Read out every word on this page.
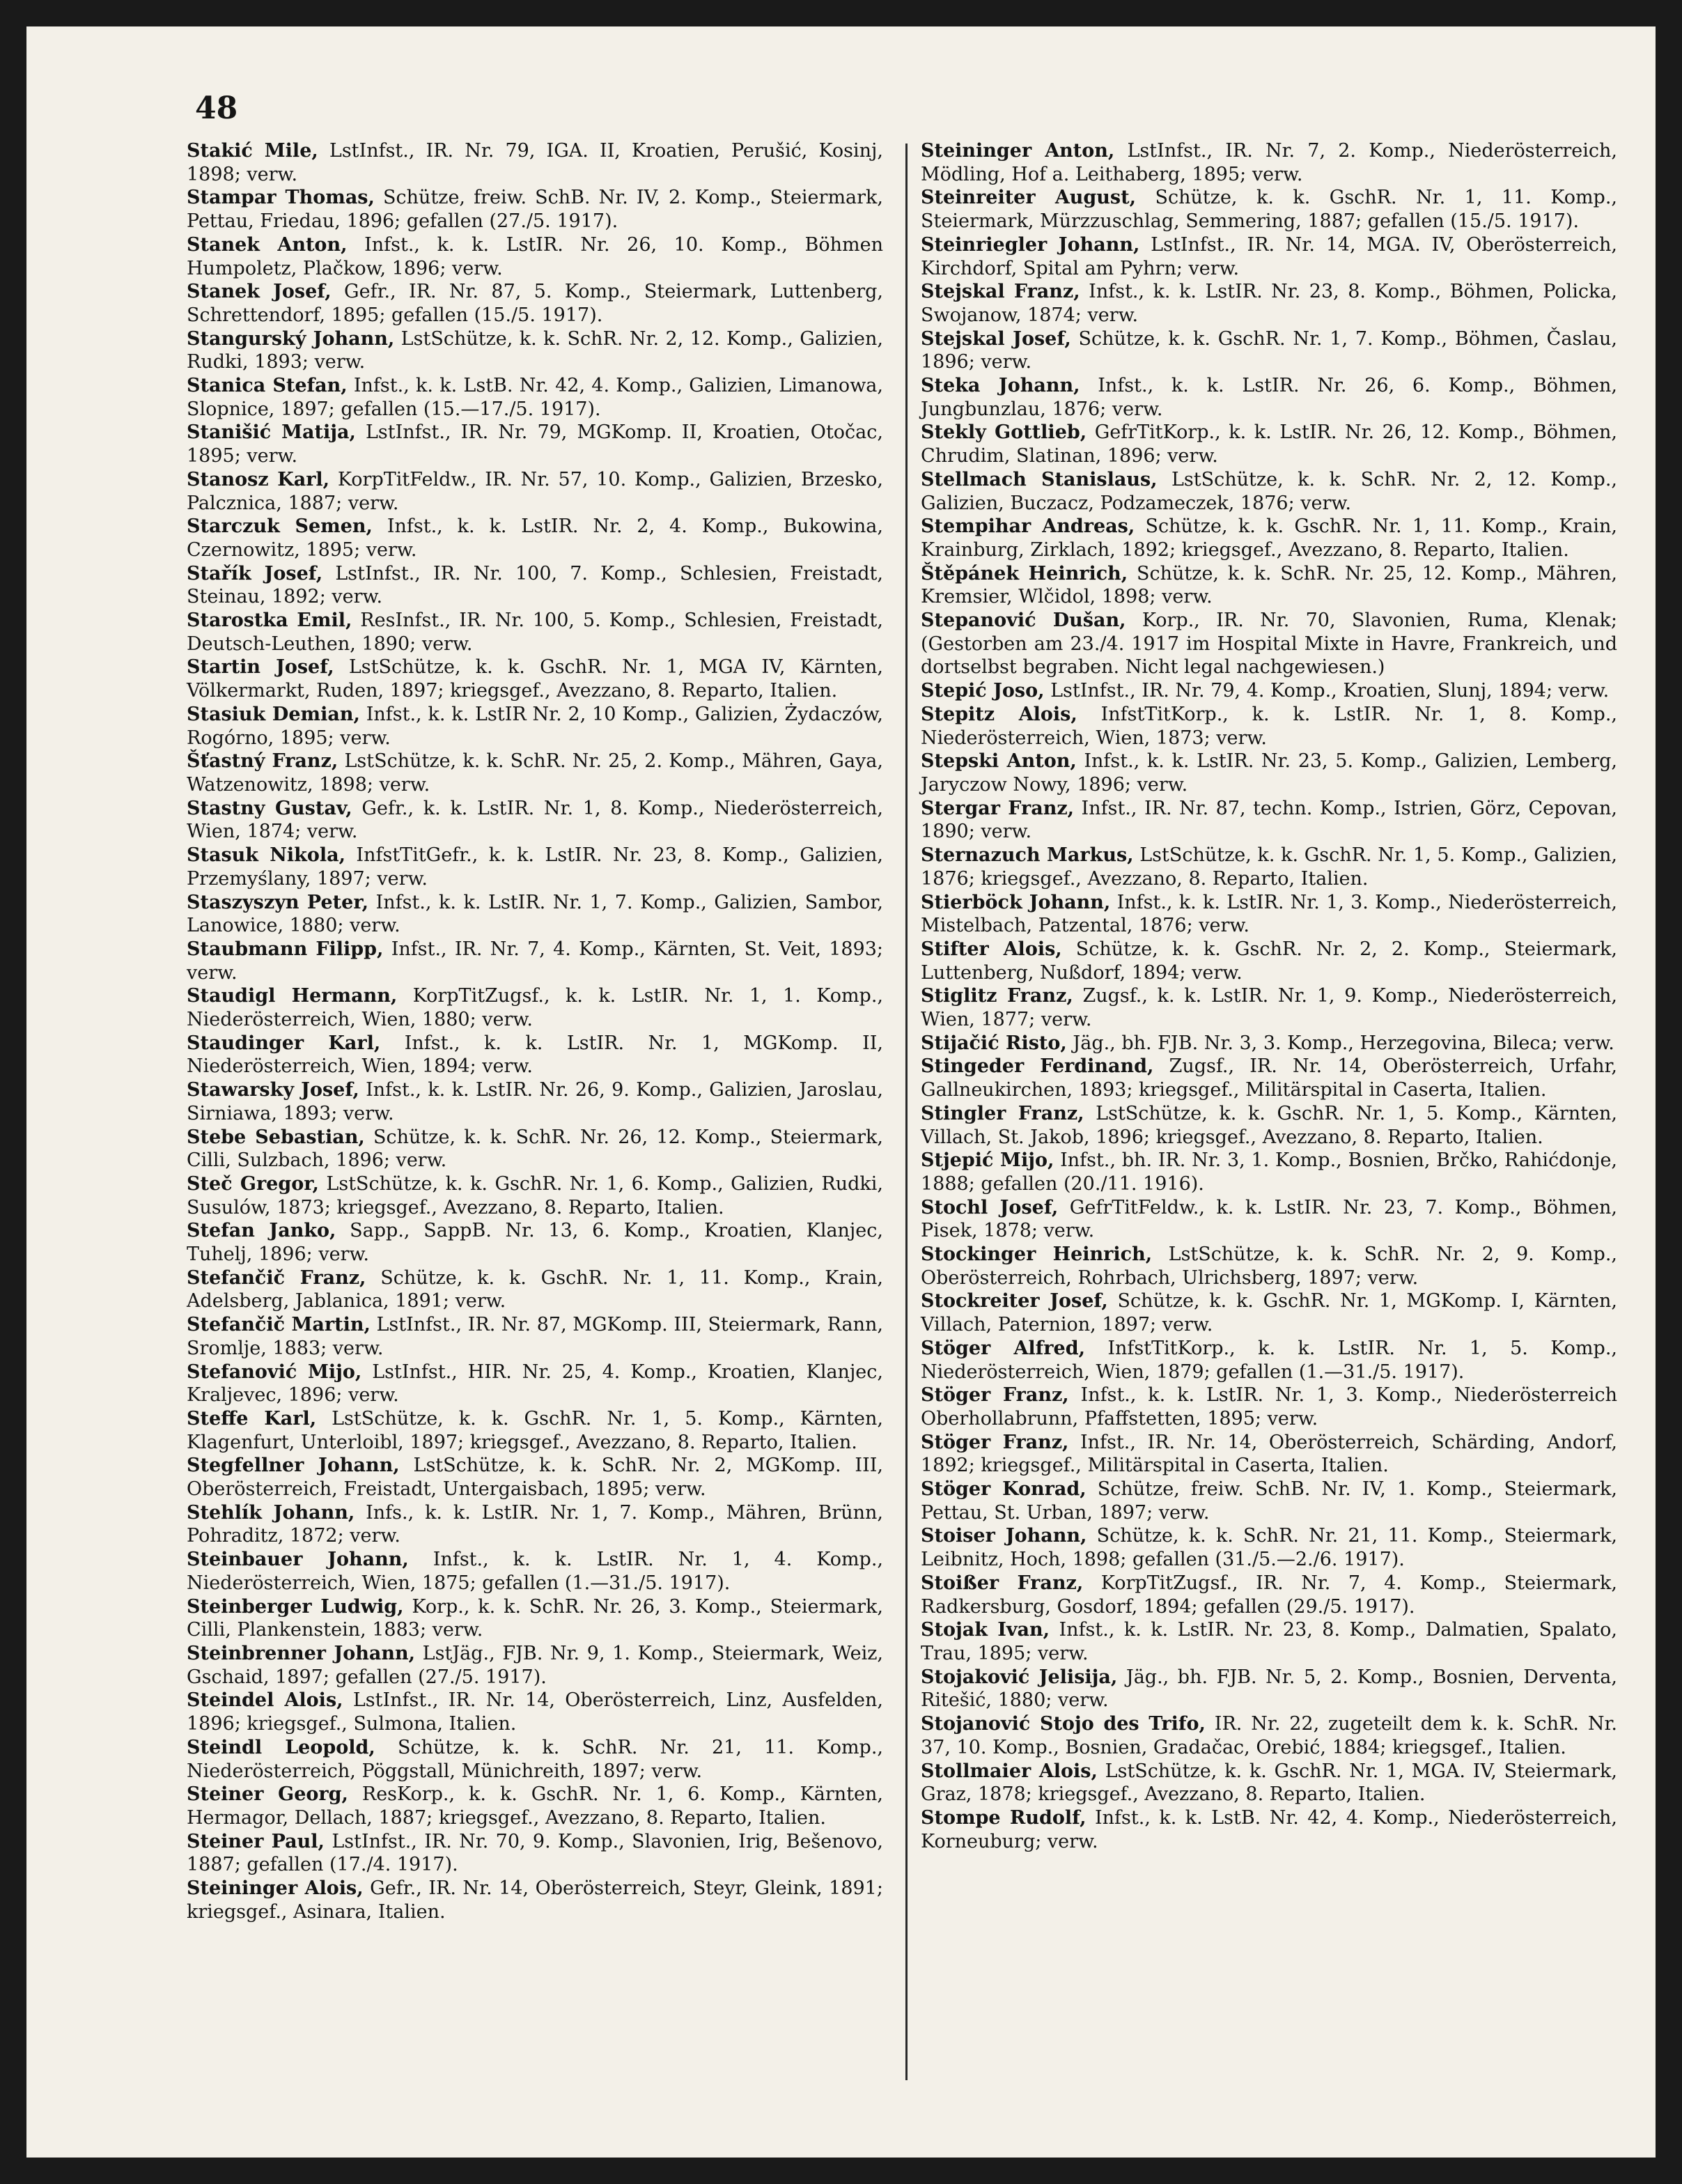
48
Stakić Mile, LstInfst., IR. Nr. 79, IGA. II, Kroatien, Perušić, Kosinj, 1898; verw.
Stampar Thomas, Schütze, freiw. SchB. Nr. IV, 2. Komp., Steiermark, Pettau, Friedau, 1896; gefallen (27./5. 1917).
Stanek Anton, Infst., k. k. LstIR. Nr. 26, 10. Komp., Böhmen Humpoletz, Plačkow, 1896; verw.
Stanek Josef, Gefr., IR. Nr. 87, 5. Komp., Steiermark, Luttenberg, Schrettendorf, 1895; gefallen (15./5. 1917).
Stangurský Johann, LstSchütze, k. k. SchR. Nr. 2, 12. Komp., Galizien, Rudki, 1893; verw.
Stanica Stefan, Infst., k. k. LstB. Nr. 42, 4. Komp., Galizien, Limanowa, Slopnice, 1897; gefallen (15.—17./5. 1917).
Stanišić Matija, LstInfst., IR. Nr. 79, MGKomp. II, Kroatien, Otočac, 1895; verw.
Stanosz Karl, KorpTitFeldw., IR. Nr. 57, 10. Komp., Galizien, Brzesko, Palcznica, 1887; verw.
Starczuk Semen, Infst., k. k. LstIR. Nr. 2, 4. Komp., Bukowina, Czernowitz, 1895; verw.
Stařík Josef, LstInfst., IR. Nr. 100, 7. Komp., Schlesien, Freistadt, Steinau, 1892; verw.
Starostka Emil, ResInfst., IR. Nr. 100, 5. Komp., Schlesien, Freistadt, Deutsch-Leuthen, 1890; verw.
Startin Josef, LstSchütze, k. k. GschR. Nr. 1, MGA IV, Kärnten, Völkermarkt, Ruden, 1897; kriegsgef., Avezzano, 8. Reparto, Italien.
Stasiuk Demian, Infst., k. k. LstIR Nr. 2, 10 Komp., Galizien, Żydaczów, Rogórno, 1895; verw.
Šťastný Franz, LstSchütze, k. k. SchR. Nr. 25, 2. Komp., Mähren, Gaya, Watzenowitz, 1898; verw.
Stastny Gustav, Gefr., k. k. LstIR. Nr. 1, 8. Komp., Niederösterreich, Wien, 1874; verw.
Stasuk Nikola, InfstTitGefr., k. k. LstIR. Nr. 23, 8. Komp., Galizien, Przemyślany, 1897; verw.
Staszyszyn Peter, Infst., k. k. LstIR. Nr. 1, 7. Komp., Galizien, Sambor, Lanowice, 1880; verw.
Staubmann Filipp, Infst., IR. Nr. 7, 4. Komp., Kärnten, St. Veit, 1893; verw.
Staudigl Hermann, KorpTitZugsf., k. k. LstIR. Nr. 1, 1. Komp., Niederösterreich, Wien, 1880; verw.
Staudinger Karl, Infst., k. k. LstIR. Nr. 1, MGKomp. II, Niederösterreich, Wien, 1894; verw.
Stawarsky Josef, Infst., k. k. LstIR. Nr. 26, 9. Komp., Galizien, Jaroslau, Sirniawa, 1893; verw.
Stebe Sebastian, Schütze, k. k. SchR. Nr. 26, 12. Komp., Steiermark, Cilli, Sulzbach, 1896; verw.
Steč Gregor, LstSchütze, k. k. GschR. Nr. 1, 6. Komp., Galizien, Rudki, Susulów, 1873; kriegsgef., Avezzano, 8. Reparto, Italien.
Stefan Janko, Sapp., SappB. Nr. 13, 6. Komp., Kroatien, Klanjec, Tuhelj, 1896; verw.
Stefančič Franz, Schütze, k. k. GschR. Nr. 1, 11. Komp., Krain, Adelsberg, Jablanica, 1891; verw.
Stefančič Martin, LstInfst., IR. Nr. 87, MGKomp. III, Steiermark, Rann, Sromlje, 1883; verw.
Stefanović Mijo, LstInfst., HIR. Nr. 25, 4. Komp., Kroatien, Klanjec, Kraljevec, 1896; verw.
Steffe Karl, LstSchütze, k. k. GschR. Nr. 1, 5. Komp., Kärnten, Klagenfurt, Unterloibl, 1897; kriegsgef., Avezzano, 8. Reparto, Italien.
Stegfellner Johann, LstSchütze, k. k. SchR. Nr. 2, MGKomp. III, Oberösterreich, Freistadt, Untergaisbach, 1895; verw.
Stehlík Johann, Infs., k. k. LstIR. Nr. 1, 7. Komp., Mähren, Brünn, Pohraditz, 1872; verw.
Steinbauer Johann, Infst., k. k. LstIR. Nr. 1, 4. Komp., Niederösterreich, Wien, 1875; gefallen (1.—31./5. 1917).
Steinberger Ludwig, Korp., k. k. SchR. Nr. 26, 3. Komp., Steiermark, Cilli, Plankenstein, 1883; verw.
Steinbrenner Johann, LstJäg., FJB. Nr. 9, 1. Komp., Steiermark, Weiz, Gschaid, 1897; gefallen (27./5. 1917).
Steindel Alois, LstInfst., IR. Nr. 14, Oberösterreich, Linz, Ausfelden, 1896; kriegsgef., Sulmona, Italien.
Steindl Leopold, Schütze, k. k. SchR. Nr. 21, 11. Komp., Niederösterreich, Pöggstall, Münichreith, 1897; verw.
Steiner Georg, ResKorp., k. k. GschR. Nr. 1, 6. Komp., Kärnten, Hermagor, Dellach, 1887; kriegsgef., Avezzano, 8. Reparto, Italien.
Steiner Paul, LstInfst., IR. Nr. 70, 9. Komp., Slavonien, Irig, Bešenovo, 1887; gefallen (17./4. 1917).
Steininger Alois, Gefr., IR. Nr. 14, Oberösterreich, Steyr, Gleink, 1891; kriegsgef., Asinara, Italien.
Steininger Anton, LstInfst., IR. Nr. 7, 2. Komp., Niederösterreich, Mödling, Hof a. Leithaberg, 1895; verw.
Steinreiter August, Schütze, k. k. GschR. Nr. 1, 11. Komp., Steiermark, Mürzzuschlag, Semmering, 1887; gefallen (15./5. 1917).
Steinriegler Johann, LstInfst., IR. Nr. 14, MGA. IV, Oberösterreich, Kirchdorf, Spital am Pyhrn; verw.
Stejskal Franz, Infst., k. k. LstIR. Nr. 23, 8. Komp., Böhmen, Policka, Swojanow, 1874; verw.
Stejskal Josef, Schütze, k. k. GschR. Nr. 1, 7. Komp., Böhmen, Časlau, 1896; verw.
Steka Johann, Infst., k. k. LstIR. Nr. 26, 6. Komp., Böhmen, Jungbunzlau, 1876; verw.
Stekly Gottlieb, GefrTitKorp., k. k. LstIR. Nr. 26, 12. Komp., Böhmen, Chrudim, Slatinan, 1896; verw.
Stellmach Stanislaus, LstSchütze, k. k. SchR. Nr. 2, 12. Komp., Galizien, Buczacz, Podzameczek, 1876; verw.
Stempihar Andreas, Schütze, k. k. GschR. Nr. 1, 11. Komp., Krain, Krainburg, Zirklach, 1892; kriegsgef., Avezzano, 8. Reparto, Italien.
Štěpánek Heinrich, Schütze, k. k. SchR. Nr. 25, 12. Komp., Mähren, Kremsier, Wlčidol, 1898; verw.
Stepanović Dušan, Korp., IR. Nr. 70, Slavonien, Ruma, Klenak; (Gestorben am 23./4. 1917 im Hospital Mixte in Havre, Frankreich, und dortselbst begraben. Nicht legal nachgewiesen.)
Stepić Joso, LstInfst., IR. Nr. 79, 4. Komp., Kroatien, Slunj, 1894; verw.
Stepitz Alois, InfstTitKorp., k. k. LstIR. Nr. 1, 8. Komp., Niederösterreich, Wien, 1873; verw.
Stepski Anton, Infst., k. k. LstIR. Nr. 23, 5. Komp., Galizien, Lemberg, Jaryczow Nowy, 1896; verw.
Stergar Franz, Infst., IR. Nr. 87, techn. Komp., Istrien, Görz, Cepovan, 1890; verw.
Sternazuch Markus, LstSchütze, k. k. GschR. Nr. 1, 5. Komp., Galizien, 1876; kriegsgef., Avezzano, 8. Reparto, Italien.
Stierböck Johann, Infst., k. k. LstIR. Nr. 1, 3. Komp., Niederösterreich, Mistelbach, Patzental, 1876; verw.
Stifter Alois, Schütze, k. k. GschR. Nr. 2, 2. Komp., Steiermark, Luttenberg, Nußdorf, 1894; verw.
Stiglitz Franz, Zugsf., k. k. LstIR. Nr. 1, 9. Komp., Niederösterreich, Wien, 1877; verw.
Stijačić Risto, Jäg., bh. FJB. Nr. 3, 3. Komp., Herzegovina, Bileca; verw.
Stingeder Ferdinand, Zugsf., IR. Nr. 14, Oberösterreich, Urfahr, Gallneukirchen, 1893; kriegsgef., Militärspital in Caserta, Italien.
Stingler Franz, LstSchütze, k. k. GschR. Nr. 1, 5. Komp., Kärnten, Villach, St. Jakob, 1896; kriegsgef., Avezzano, 8. Reparto, Italien.
Stjepić Mijo, Infst., bh. IR. Nr. 3, 1. Komp., Bosnien, Brčko, Rahićdonje, 1888; gefallen (20./11. 1916).
Stochl Josef, GefrTitFeldw., k. k. LstIR. Nr. 23, 7. Komp., Böhmen, Pisek, 1878; verw.
Stockinger Heinrich, LstSchütze, k. k. SchR. Nr. 2, 9. Komp., Oberösterreich, Rohrbach, Ulrichsberg, 1897; verw.
Stockreiter Josef, Schütze, k. k. GschR. Nr. 1, MGKomp. I, Kärnten, Villach, Paternion, 1897; verw.
Stöger Alfred, InfstTitKorp., k. k. LstIR. Nr. 1, 5. Komp., Niederösterreich, Wien, 1879; gefallen (1.—31./5. 1917).
Stöger Franz, Infst., k. k. LstIR. Nr. 1, 3. Komp., Niederösterreich Oberhollabrunn, Pfaffstetten, 1895; verw.
Stöger Franz, Infst., IR. Nr. 14, Oberösterreich, Schärding, Andorf, 1892; kriegsgef., Militärspital in Caserta, Italien.
Stöger Konrad, Schütze, freiw. SchB. Nr. IV, 1. Komp., Steiermark, Pettau, St. Urban, 1897; verw.
Stoiser Johann, Schütze, k. k. SchR. Nr. 21, 11. Komp., Steiermark, Leibnitz, Hoch, 1898; gefallen (31./5.—2./6. 1917).
Stoißer Franz, KorpTitZugsf., IR. Nr. 7, 4. Komp., Steiermark, Radkersburg, Gosdorf, 1894; gefallen (29./5. 1917).
Stojak Ivan, Infst., k. k. LstIR. Nr. 23, 8. Komp., Dalmatien, Spalato, Trau, 1895; verw.
Stojaković Jelisija, Jäg., bh. FJB. Nr. 5, 2. Komp., Bosnien, Derventa, Ritešić, 1880; verw.
Stojanović Stojo des Trifo, IR. Nr. 22, zugeteilt dem k. k. SchR. Nr. 37, 10. Komp., Bosnien, Gradačac, Orebić, 1884; kriegsgef., Italien.
Stollmaier Alois, LstSchütze, k. k. GschR. Nr. 1, MGA. IV, Steiermark, Graz, 1878; kriegsgef., Avezzano, 8. Reparto, Italien.
Stompe Rudolf, Infst., k. k. LstB. Nr. 42, 4. Komp., Niederösterreich, Korneuburg; verw.
